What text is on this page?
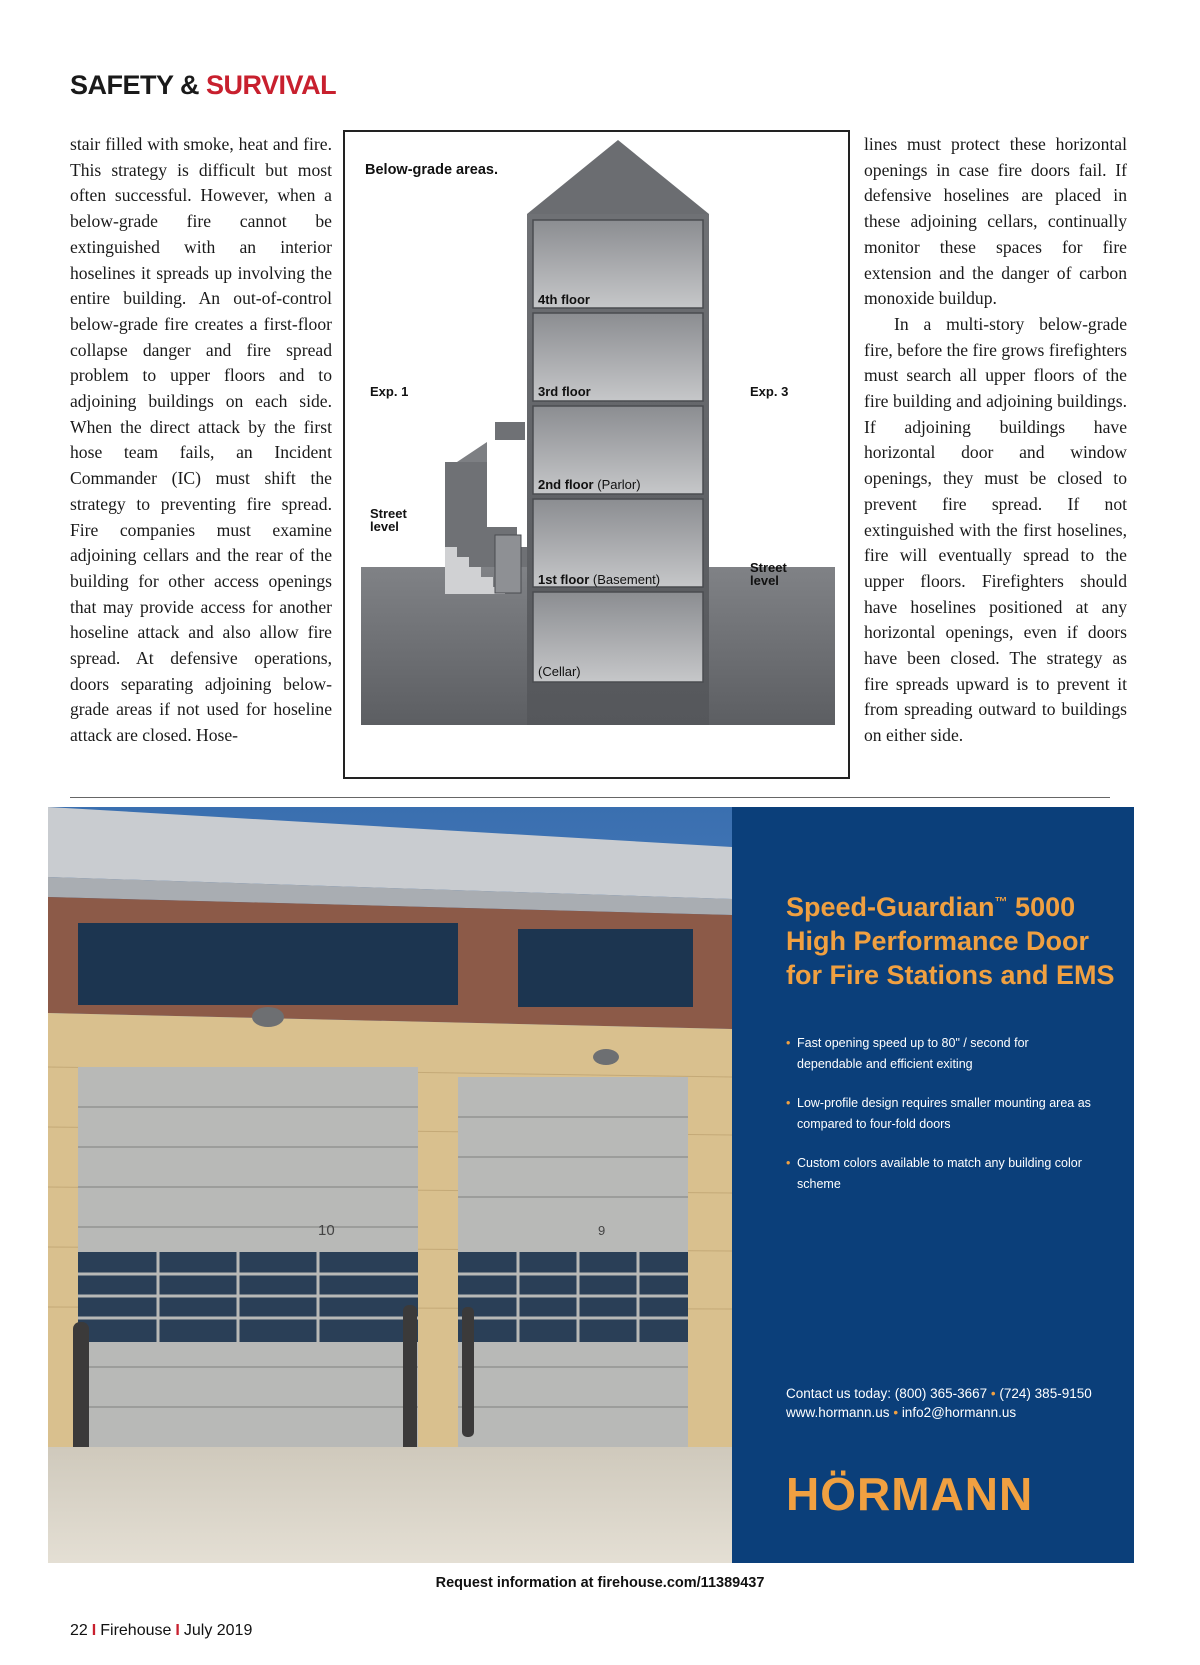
SAFETY & SURVIVAL

stair filled with smoke, heat and fire. This strategy is difficult but most often successful. However, when a below-grade fire cannot be extinguished with an interior hoselines it spreads up involving the entire building. An out-of-control below-grade fire creates a first-floor collapse danger and fire spread problem to upper floors and to adjoining buildings on each side. When the direct attack by the first hose team fails, an Incident Commander (IC) must shift the strategy to preventing fire spread. Fire companies must examine adjoining cellars and the rear of the building for other access openings that may provide access for another hoseline attack and also allow fire spread. At defensive operations, doors separating adjoining below-grade areas if not used for hoseline attack are closed. Hose-

Below-grade areas.
4th floor
3rd floor
2nd floor (Parlor)
1st floor (Basement)
(Cellar)
Exp. 1	Exp. 3
Street
level
Street
level

lines must protect these horizontal openings in case fire doors fail. If defensive hoselines are placed in these adjoining cellars, continually monitor these spaces for fire extension and the danger of carbon monoxide buildup.

In a multi-story below-grade fire, before the fire grows firefighters must search all upper floors of the fire building and adjoining buildings. If adjoining buildings have horizontal door and window openings, they must be closed to prevent fire spread. If not extinguished with the first hoselines, fire will eventually spread to the upper floors. Firefighters should have hoselines positioned at any horizontal openings, even if doors have been closed. The strategy as fire spreads upward is to prevent it from spreading outward to buildings on either side.

10	9
Speed-Guardian™ 5000
High Performance Door
for Fire Stations and EMS
• Fast opening speed up to 80" / second for dependable and efficient exiting
• Low-profile design requires smaller mounting area as compared to four-fold doors
• Custom colors available to match any building color scheme
Contact us today: (800) 365-3667 • (724) 385-9150
www.hormann.us • info2@hormann.us
HÖRMANN
Request information at firehouse.com/11389437
22 I Firehouse I July 2019
